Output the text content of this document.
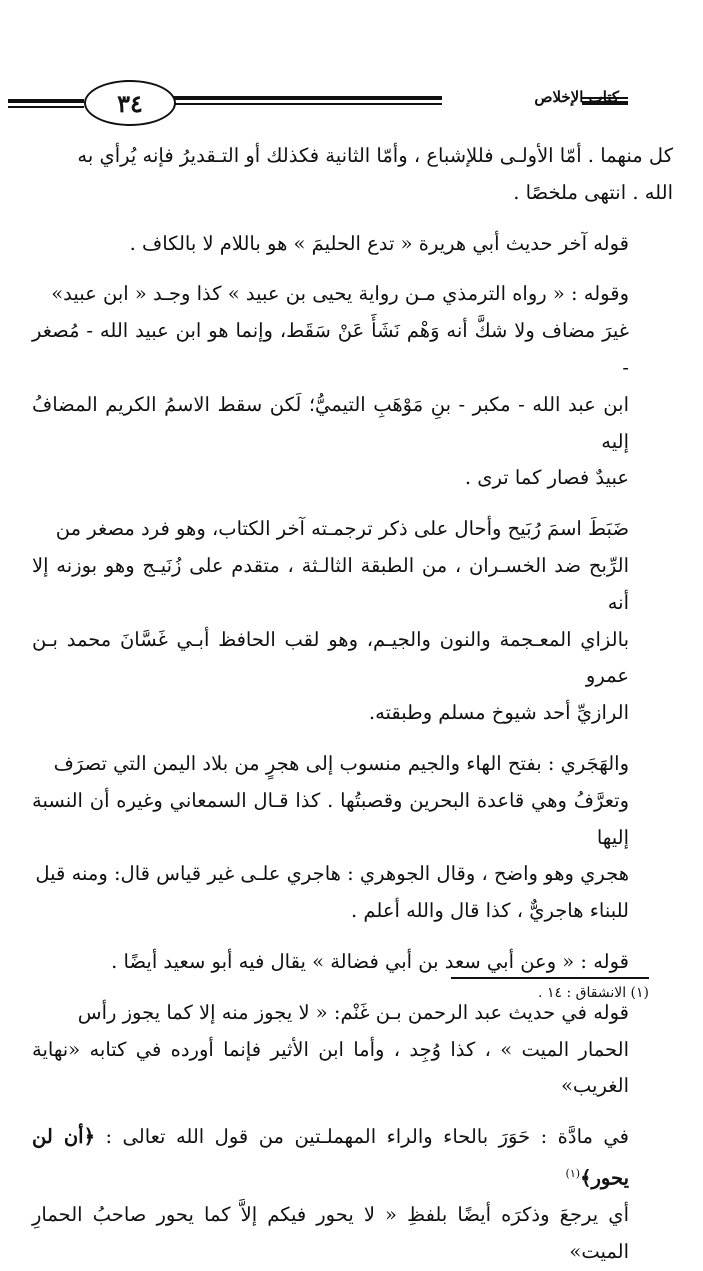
٣٤	كتاب الإخلاص
كل منهما . أمّا الأولـى فللإشباع ، وأمّا الثانية فكذلك أو التـقديرُ فإنه يُرأي به
الله . انتهى ملخصًا .
قوله آخر حديث أبي هريرة « تدع الحليمَ » هو باللام لا بالكاف .
وقوله : « رواه الترمذي مـن رواية يحيى بن عبيد » كذا وجـد « ابن عبيد»
غيرَ مضاف ولا شكَّ أنه وَهْم نَشَأَ عَنْ سَقَط، وإنما هو ابن عبيد الله - مُصغر -
ابن عبد الله - مكبر - بنِ مَوْهَبِ التيميُّ؛ لَكن سقط الاسمُ الكريم المضافُ إليه
عبيدٌ فصار كما ترى .
ضَبَطَ اسمَ رُبَيح وأحال على ذكر ترجمـته آخر الكتاب، وهو فرد مصغر من
الرِّبح ضد الخسـران ، من الطبقة الثالـثة ، متقدم على زُنَيـج وهو بوزنه إلا أنه
بالزاي المعـجمة والنون والجيـم، وهو لقب الحافظ أبـي غَسَّانَ محمد بـن عمرو
الرازيِّ أحد شيوخ مسلم وطبقته.
والهَجَري : بفتح الهاء والجيم منسوب إلى هجرٍ من بلاد اليمن التي تصرَف
وتعرَّفُ وهي قاعدة البحرين وقصبتُها . كذا قـال السمعاني وغيره أن النسبة إليها
هجري وهو واضح ، وقال الجوهري : هاجري علـى غير قياس قال: ومنه قيل
للبناء هاجريٌّ ، كذا قال والله أعلم .
قوله : « وعن أبي سعد بن أبي فضالة » يقال فيه أبو سعيد أيضًا .
قوله في حديث عبد الرحمن بـن غَنْم: « لا يجوز منه إلا كما يجوز رأس
الحمار الميت » ، كذا وُجِد ، وأما ابن الأثير فإنما أورده في كتابه «نهاية الغريب»
في مادَّة : حَوَرَ بالحاء والراء المهملـتين من قول الله تعالى : ﴿أن لن يحور﴾$^{(١)}$
أي يرجعَ وذكرَه أيضًا بلفظِ « لا يحور فيكم إلاَّ كما يحور صاحبُ الحمارِ الميت»
(١) الانشقاق : ١٤ .
